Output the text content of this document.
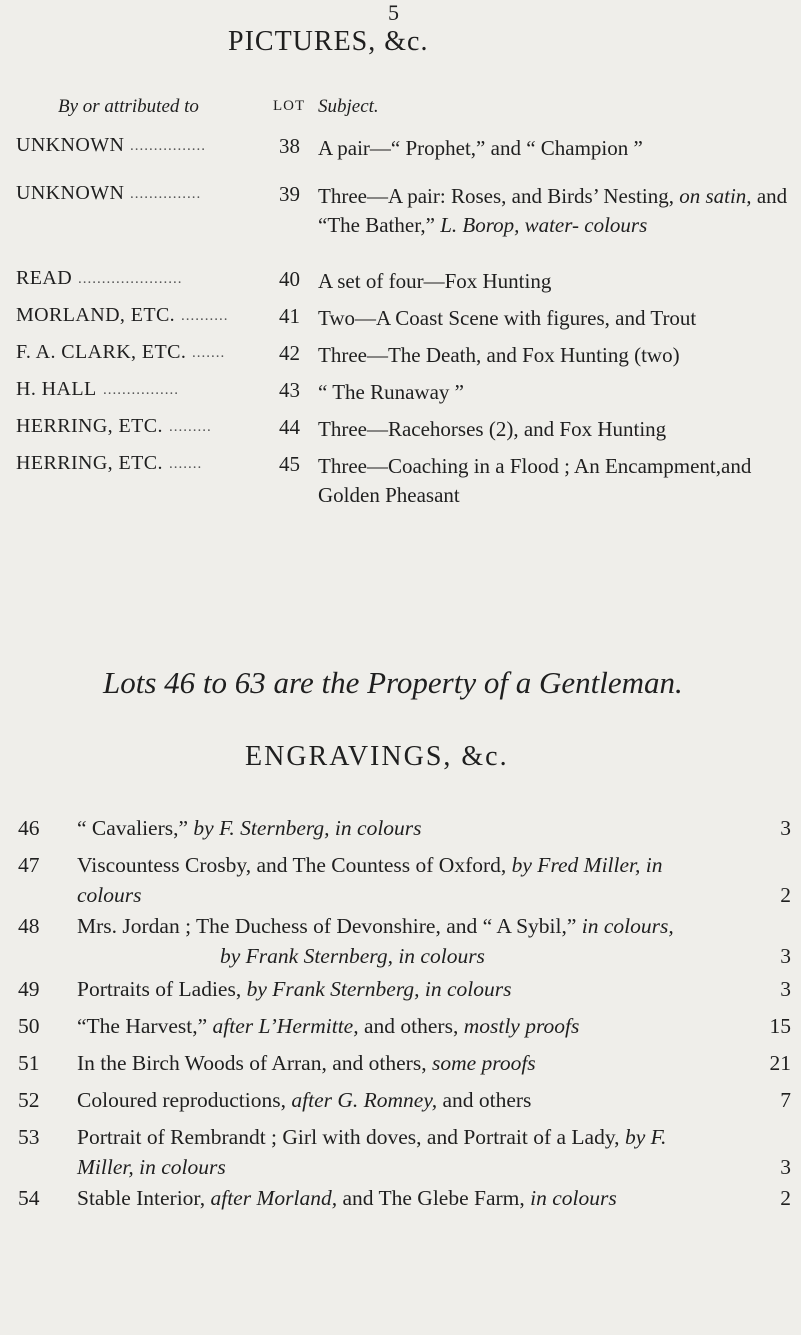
5
PICTURES, &c.
By or attributed to	LOT Subject.
UNKNOWN ................	38 A pair—“ Prophet,” and “ Champion ”
UNKNOWN ...............	39 Three—A pair: Roses, and Birds’ Nesting, on satin, and “The Bather,” L. Borop, water- colours
READ ......................	40 A set of four—Fox Hunting
MORLAND, ETC. ..........	41 Two—A Coast Scene with figures, and Trout
F. A. CLARK, ETC. .......	42 Three—The Death, and Fox Hunting (two)
H. HALL ................	43 “ The Runaway ”
HERRING, ETC. .........	44 Three—Racehorses (2), and Fox Hunting
HERRING, ETC. .......	45 Three—Coaching in a Flood ; An Encampment,and Golden Pheasant
Lots 46 to 63 are the Property of a Gentleman.
ENGRAVINGS, &c.
46 “ Cavaliers,” by F. Sternberg, in colours	3
47 Viscountess Crosby, and The Countess of Oxford, by Fred Miller, in
colours	2
48 Mrs. Jordan ; The Duchess of Devonshire, and “ A Sybil,” in colours,
by Frank Sternberg, in colours	3
49 Portraits of Ladies, by Frank Sternberg, in colours	3
50 “The Harvest,” after L’Hermitte, and others, mostly proofs	15
51 In the Birch Woods of Arran, and others, some proofs	21
52 Coloured reproductions, after G. Romney, and others	7
53 Portrait of Rembrandt ; Girl with doves, and Portrait of a Lady, by F.
Miller, in colours	3
54 Stable Interior, after Morland, and The Glebe Farm, in colours	2
